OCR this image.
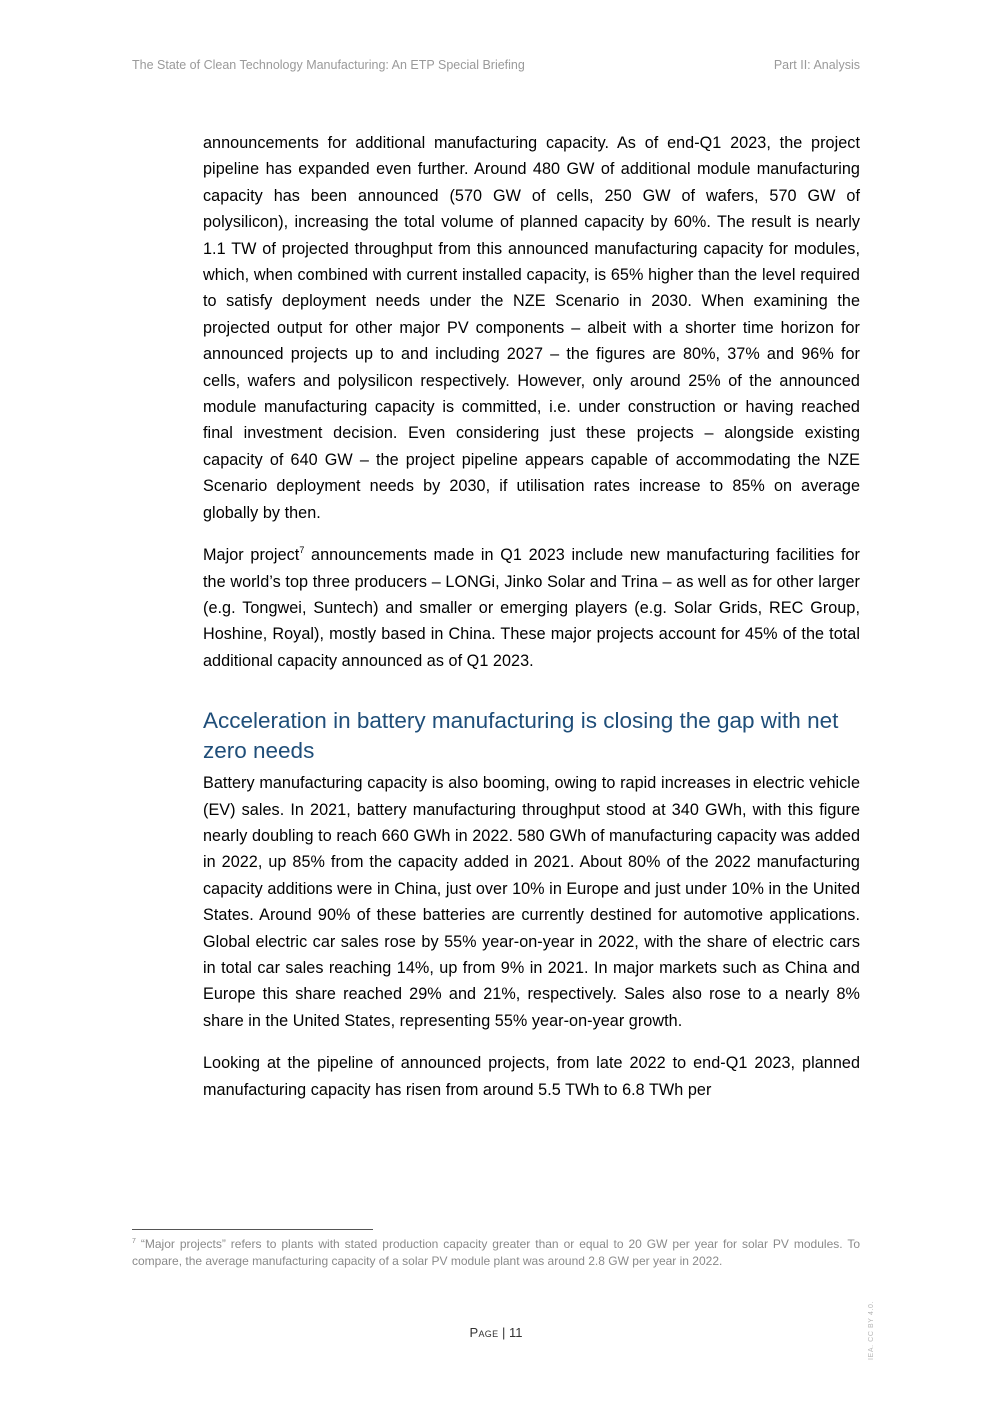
The State of Clean Technology Manufacturing: An ETP Special Briefing	Part II: Analysis

announcements for additional manufacturing capacity. As of end-Q1 2023, the project pipeline has expanded even further. Around 480 GW of additional module manufacturing capacity has been announced (570 GW of cells, 250 GW of wafers, 570 GW of polysilicon), increasing the total volume of planned capacity by 60%. The result is nearly 1.1 TW of projected throughput from this announced manufacturing capacity for modules, which, when combined with current installed capacity, is 65% higher than the level required to satisfy deployment needs under the NZE Scenario in 2030. When examining the projected output for other major PV components – albeit with a shorter time horizon for announced projects up to and including 2027 – the figures are 80%, 37% and 96% for cells, wafers and polysilicon respectively. However, only around 25% of the announced module manufacturing capacity is committed, i.e. under construction or having reached final investment decision. Even considering just these projects – alongside existing capacity of 640 GW – the project pipeline appears capable of accommodating the NZE Scenario deployment needs by 2030, if utilisation rates increase to 85% on average globally by then.

Major project$^7$ announcements made in Q1 2023 include new manufacturing facilities for the world’s top three producers – LONGi, Jinko Solar and Trina – as well as for other larger (e.g. Tongwei, Suntech) and smaller or emerging players (e.g. Solar Grids, REC Group, Hoshine, Royal), mostly based in China. These major projects account for 45% of the total additional capacity announced as of Q1 2023.

Acceleration in battery manufacturing is closing the gap with net zero needs

Battery manufacturing capacity is also booming, owing to rapid increases in electric vehicle (EV) sales. In 2021, battery manufacturing throughput stood at 340 GWh, with this figure nearly doubling to reach 660 GWh in 2022. 580 GWh of manufacturing capacity was added in 2022, up 85% from the capacity added in 2021. About 80% of the 2022 manufacturing capacity additions were in China, just over 10% in Europe and just under 10% in the United States. Around 90% of these batteries are currently destined for automotive applications. Global electric car sales rose by 55% year-on-year in 2022, with the share of electric cars in total car sales reaching 14%, up from 9% in 2021. In major markets such as China and Europe this share reached 29% and 21%, respectively. Sales also rose to a nearly 8% share in the United States, representing 55% year-on-year growth.

Looking at the pipeline of announced projects, from late 2022 to end-Q1 2023, planned manufacturing capacity has risen from around 5.5 TWh to 6.8 TWh per

$^7$ “Major projects” refers to plants with stated production capacity greater than or equal to 20 GW per year for solar PV modules. To compare, the average manufacturing capacity of a solar PV module plant was around 2.8 GW per year in 2022.

Page | 11	IEA. CC BY 4.0.
